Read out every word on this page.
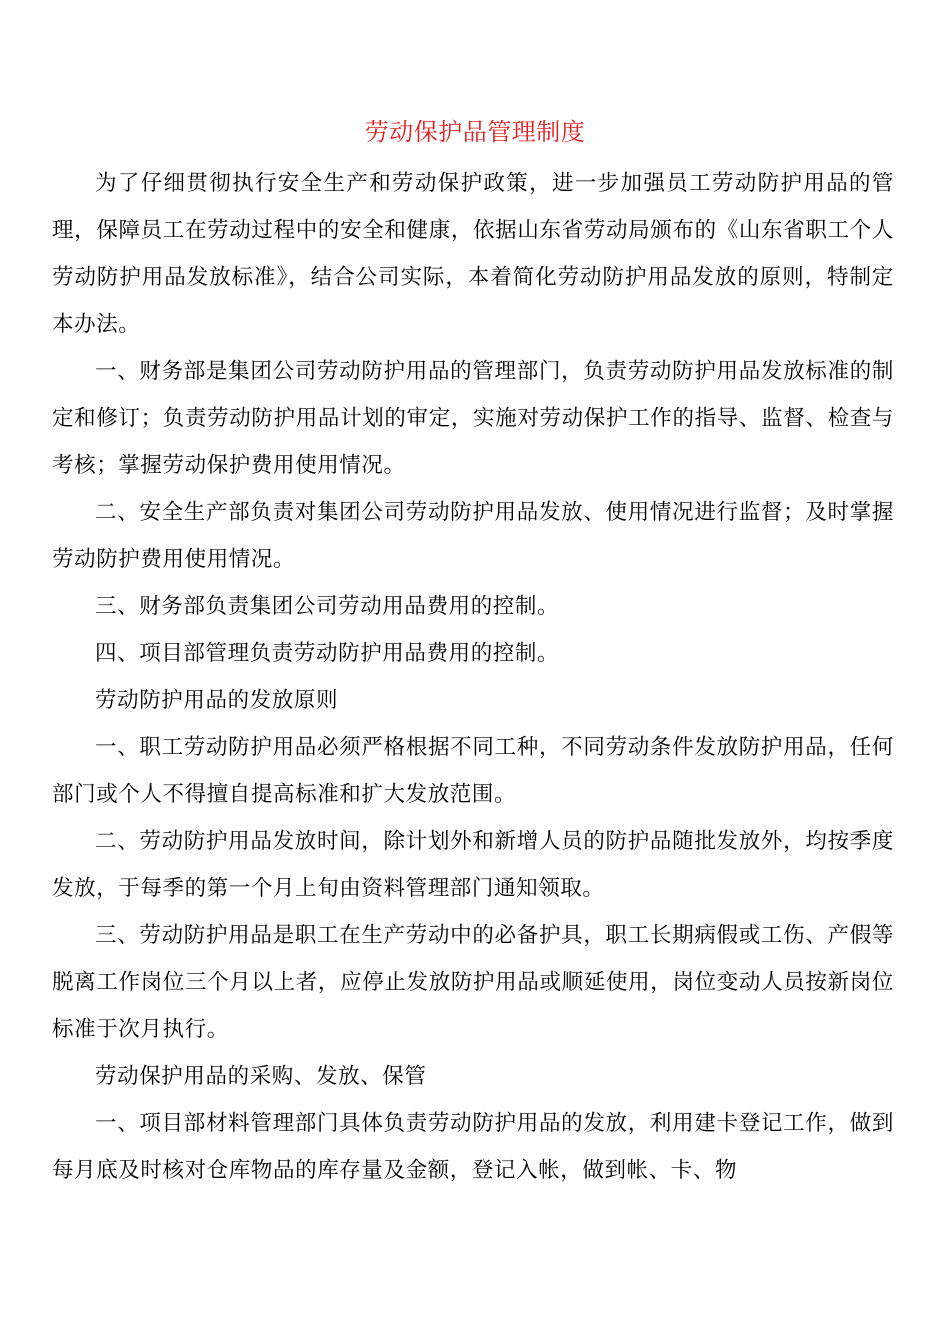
劳动保护品管理制度

为了仔细贯彻执行安全生产和劳动保护政策，进一步加强员工劳动防护用品的管理，保障员工在劳动过程中的安全和健康，依据山东省劳动局颁布的《山东省职工个人劳动防护用品发放标准》，结合公司实际，本着简化劳动防护用品发放的原则，特制定本办法。

一、财务部是集团公司劳动防护用品的管理部门，负责劳动防护用品发放标准的制定和修订；负责劳动防护用品计划的审定，实施对劳动保护工作的指导、监督、检查与考核；掌握劳动保护费用使用情况。

二、安全生产部负责对集团公司劳动防护用品发放、使用情况进行监督；及时掌握劳动防护费用使用情况。

三、财务部负责集团公司劳动用品费用的控制。

四、项目部管理负责劳动防护用品费用的控制。

劳动防护用品的发放原则

一、职工劳动防护用品必须严格根据不同工种，不同劳动条件发放防护用品，任何部门或个人不得擅自提高标准和扩大发放范围。

二、劳动防护用品发放时间，除计划外和新增人员的防护品随批发放外，均按季度发放，于每季的第一个月上旬由资料管理部门通知领取。

三、劳动防护用品是职工在生产劳动中的必备护具，职工长期病假或工伤、产假等脱离工作岗位三个月以上者，应停止发放防护用品或顺延使用，岗位变动人员按新岗位标准于次月执行。

劳动保护用品的采购、发放、保管

一、项目部材料管理部门具体负责劳动防护用品的发放，利用建卡登记工作，做到每月底及时核对仓库物品的库存量及金额，登记入帐，做到帐、卡、物
